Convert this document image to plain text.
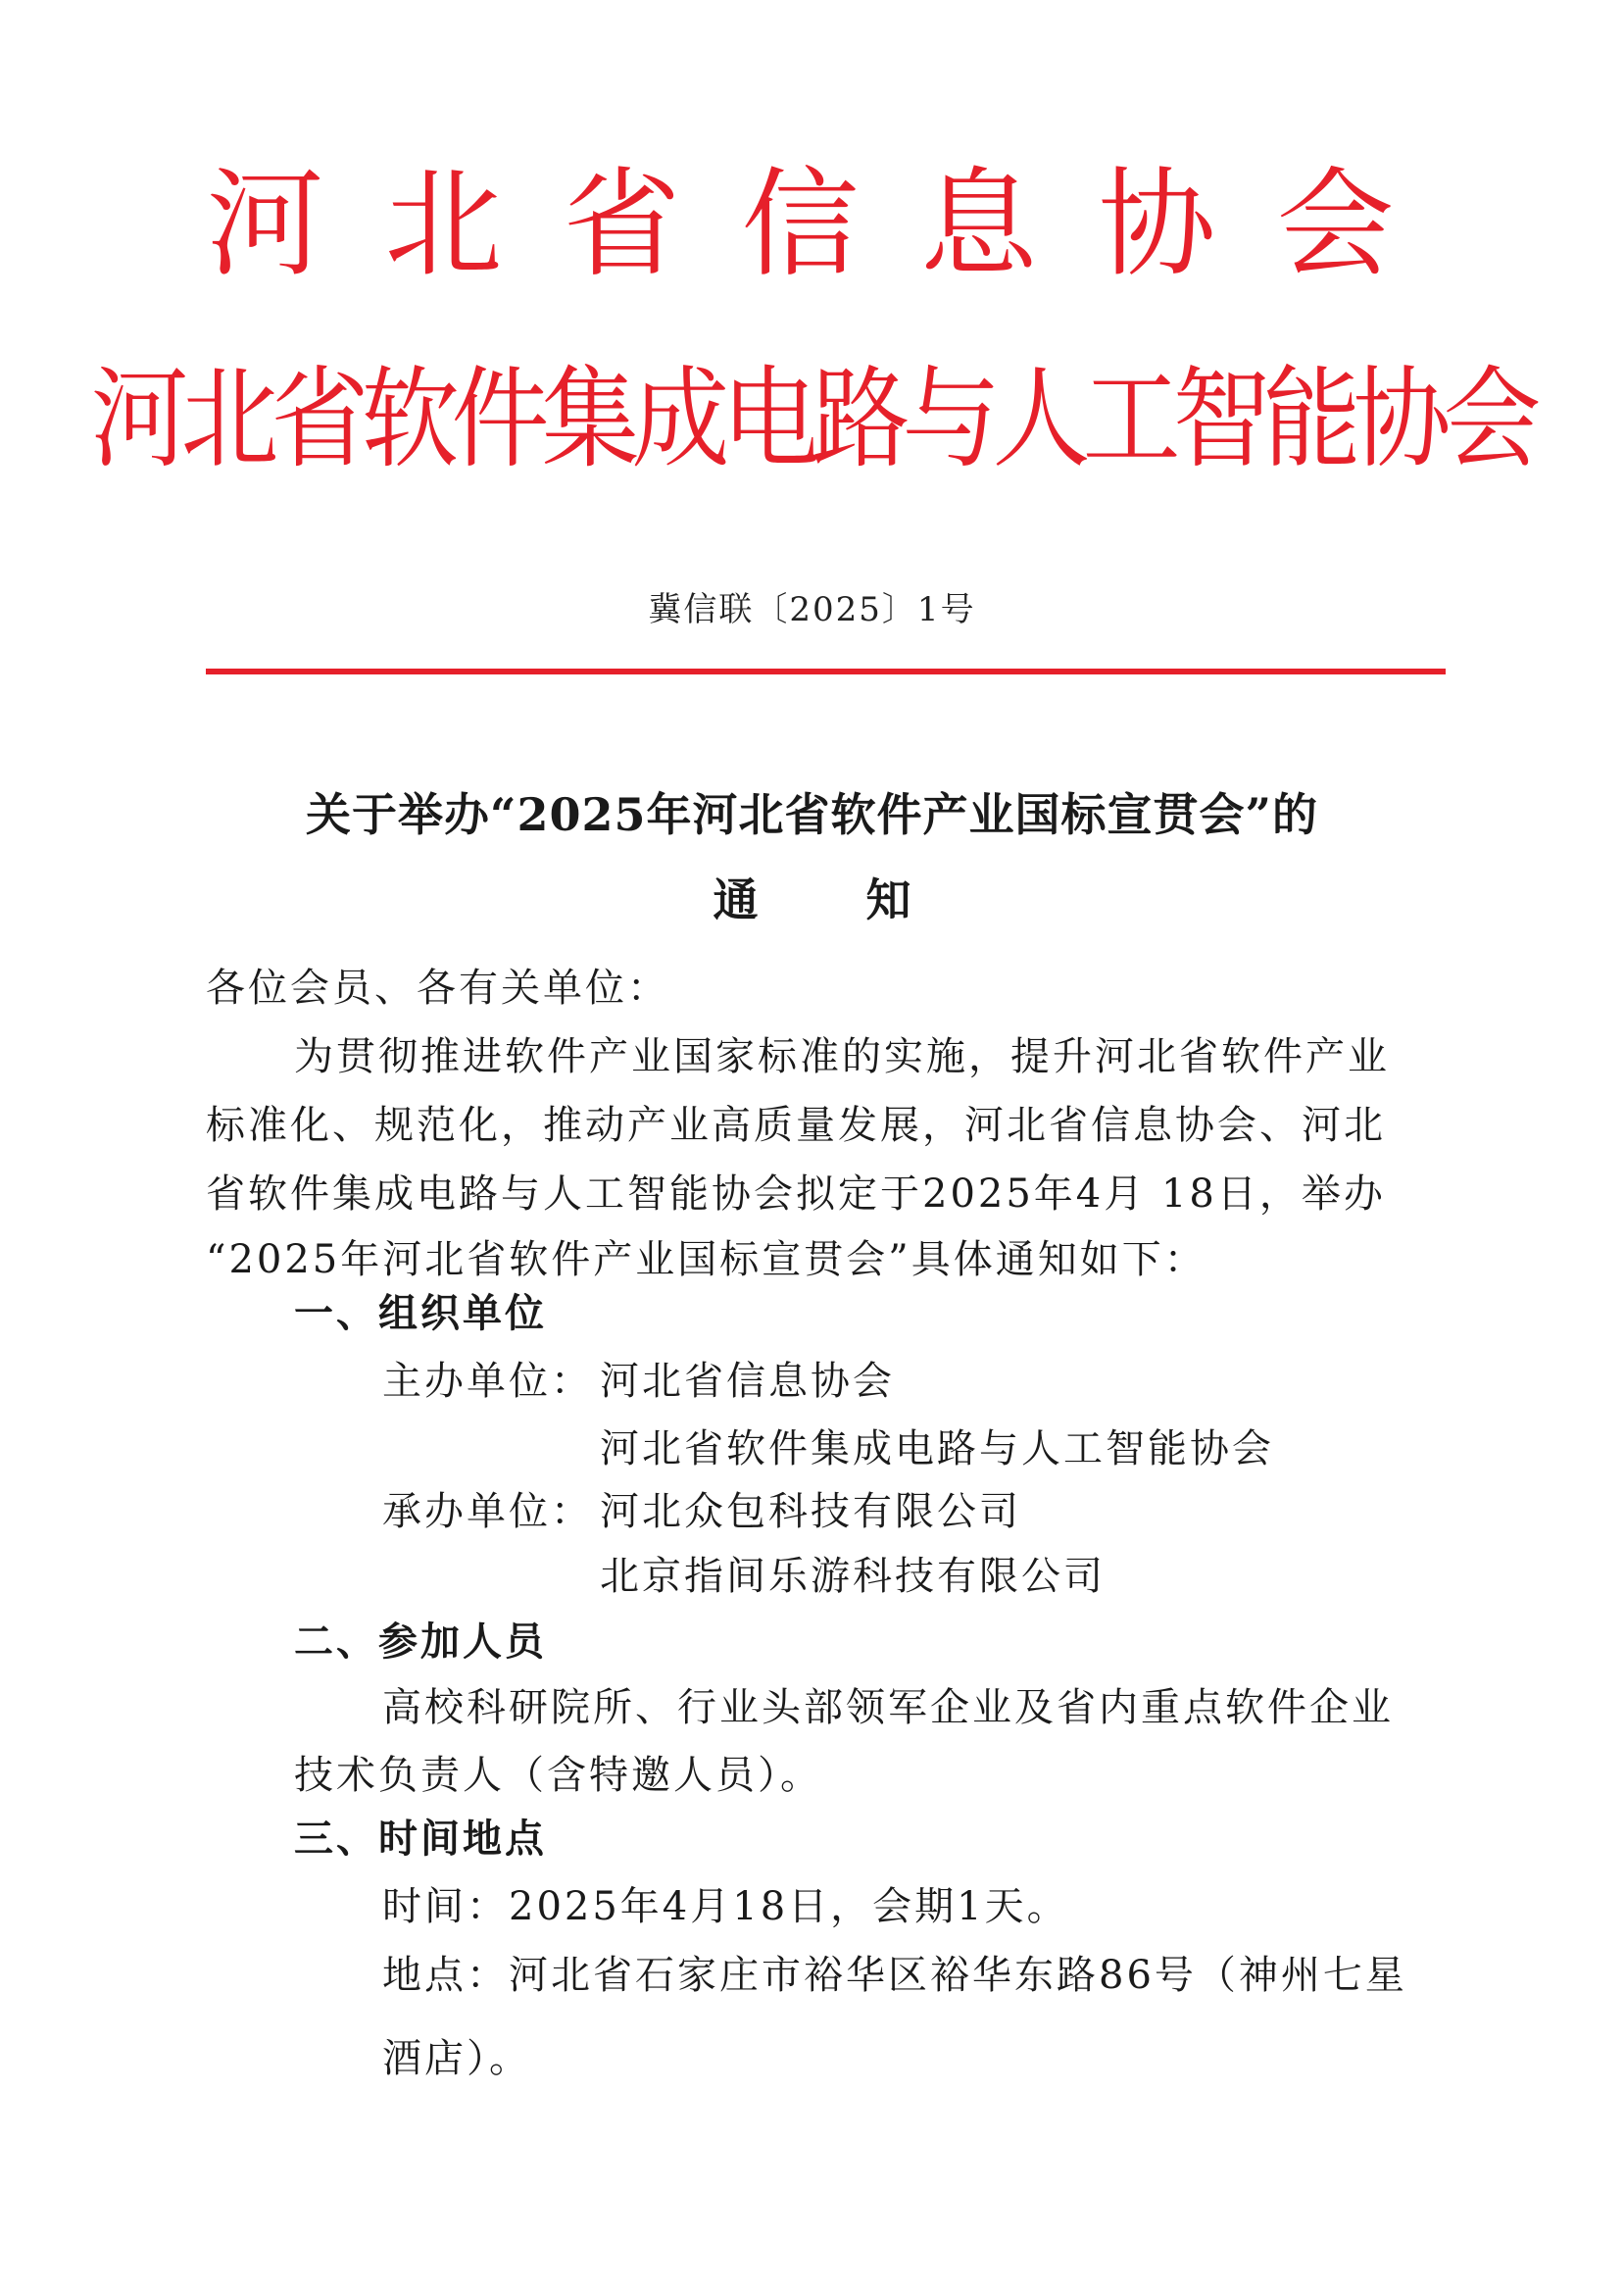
河北省信息协会
河北省软件集成电路与人工智能协会
冀信联〔2025〕1号
关于举办“2025年河北省软件产业国标宣贯会”的
通知
各位会员、各有关单位：
为贯彻推进软件产业国家标准的实施，提升河北省软件产业
标准化、规范化，推动产业高质量发展，河北省信息协会、河北
省软件集成电路与人工智能协会拟定于2025年4月 18日，举办
“2025年河北省软件产业国标宣贯会”具体通知如下：
一、组织单位
主办单位： 河北省信息协会
河北省软件集成电路与人工智能协会
承办单位： 河北众包科技有限公司
北京指间乐游科技有限公司
二、参加人员
高校科研院所、行业头部领军企业及省内重点软件企业
技术负责人（含特邀人员）。
三、时间地点
时间：2025年4月18日，会期1天。
地点：河北省石家庄市裕华区裕华东路86号（神州七星
酒店）。
